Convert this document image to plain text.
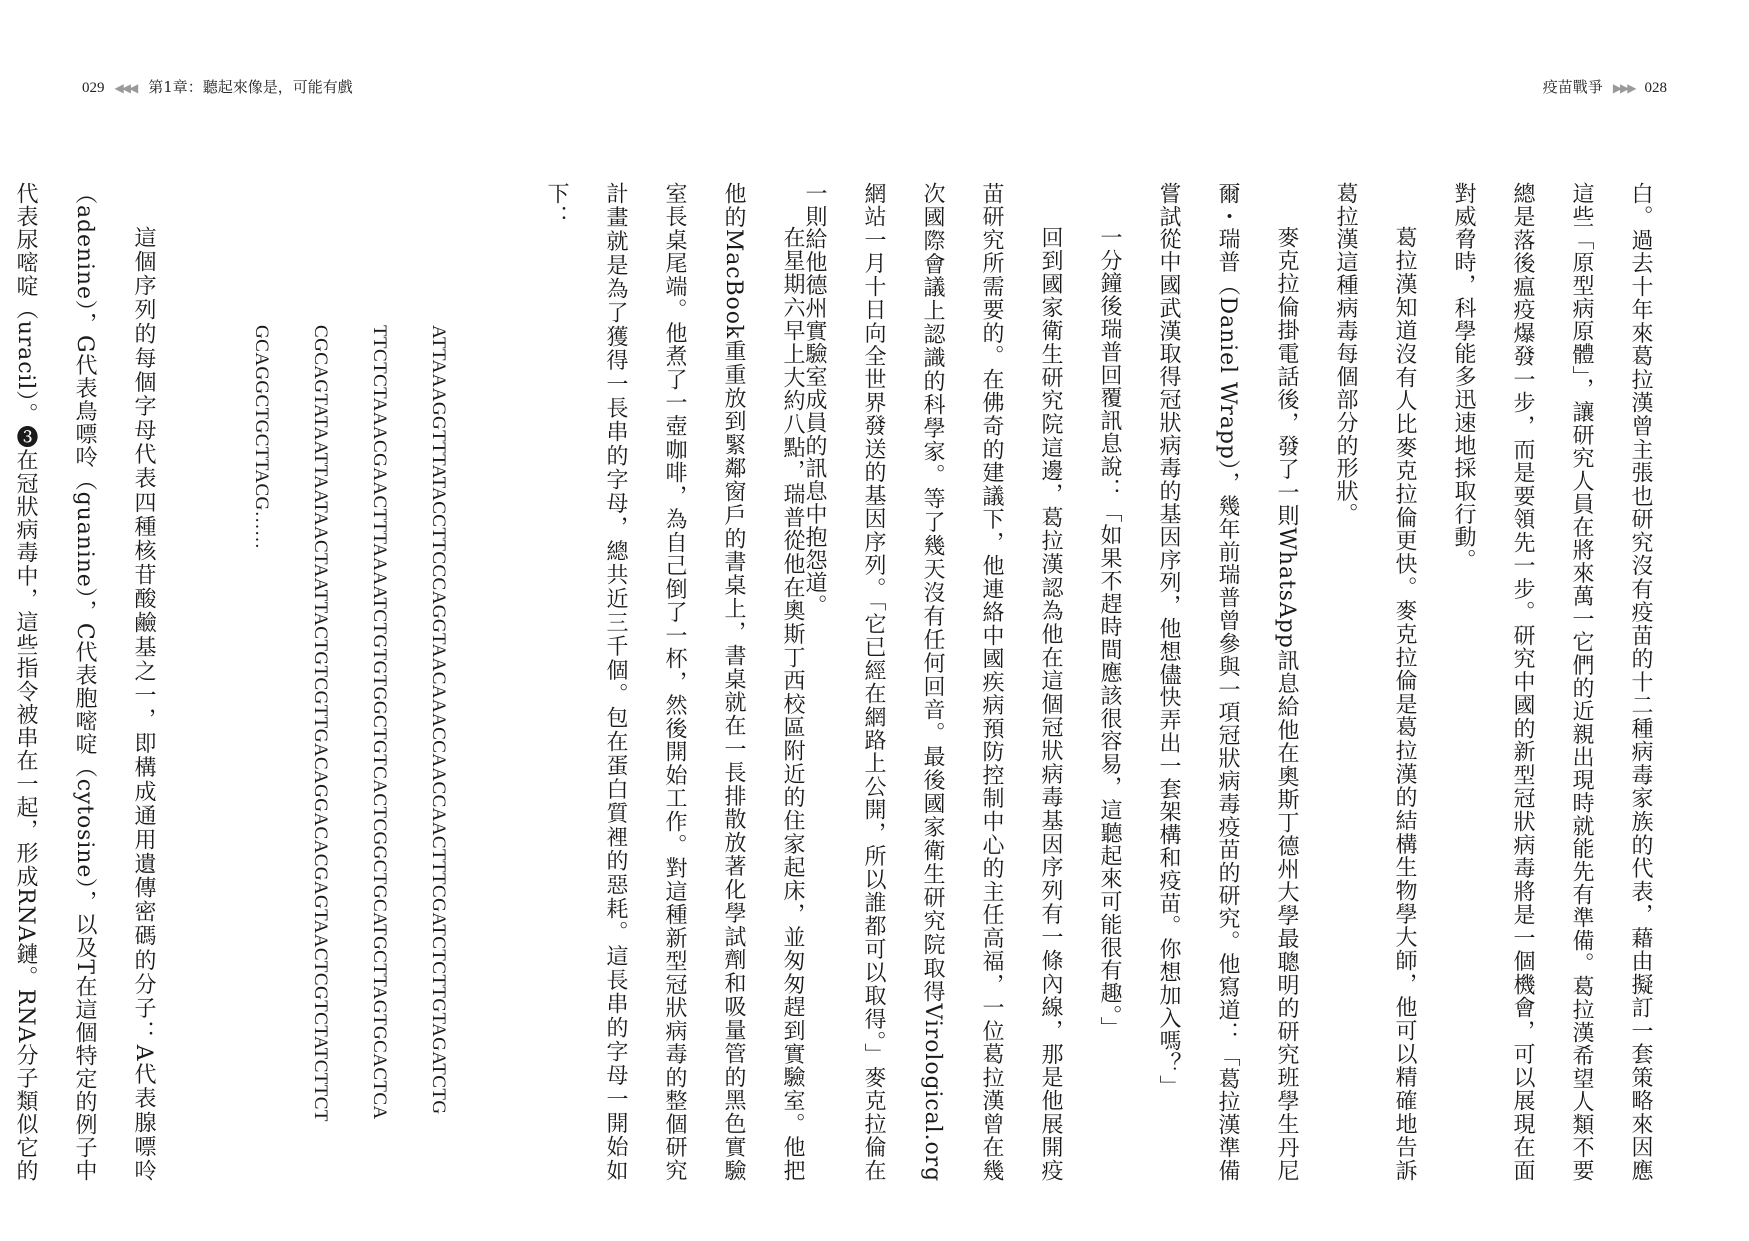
029 ◀◀◀ 第1章：聽起來像是，可能有戲	疫苗戰爭 ▶▶▶ 028

白。過去十年來葛拉漢曾主張也研究沒有疫苗的十二種病毒家族的代表，藉由擬訂一套策略來因應這些「原型病原體」，讓研究人員在將來萬一它們的近親出現時就能先有準備。葛拉漢希望人類不要總是落後瘟疫爆發一步，而是要領先一步。研究中國的新型冠狀病毒將是一個機會，可以展現在面對威脅時，科學能多迅速地採取行動。

葛拉漢知道沒有人比麥克拉倫更快。麥克拉倫是葛拉漢的結構生物學大師，他可以精確地告訴葛拉漢這種病毒每個部分的形狀。

麥克拉倫掛電話後，發了一則WhatsApp訊息給他在奧斯丁德州大學最聰明的研究班學生丹尼爾・瑞普（Daniel Wrapp），幾年前瑞普曾參與一項冠狀病毒疫苗的研究。他寫道：「葛拉漢準備嘗試從中國武漢取得冠狀病毒的基因序列，他想儘快弄出一套架構和疫苗。你想加入嗎？」

一分鐘後瑞普回覆訊息說：「如果不趕時間應該很容易，這聽起來可能很有趣。」

回到國家衛生研究院這邊，葛拉漢認為他在這個冠狀病毒基因序列有一條內線，那是他展開疫苗研究所需要的。在佛奇的建議下，他連絡中國疾病預防控制中心的主任高福，一位葛拉漢曾在幾次國際會議上認識的科學家。等了幾天沒有任何回音。最後國家衛生研究院取得Virological.org網站一月十日向全世界發送的基因序列。「它已經在網路上公開，所以誰都可以取得。」麥克拉倫在一則給他德州實驗室成員的訊息中抱怨道。

在星期六早上大約八點，瑞普從他在奧斯丁西校區附近的住家起床，並匆匆趕到實驗室。他把他的MacBook重重放到緊鄰窗戶的書桌上，書桌就在一長排散放著化學試劑和吸量管的黑色實驗室長桌尾端。他煮了一壺咖啡，為自己倒了一杯，然後開始工作。對這種新型冠狀病毒的整個研究計畫就是為了獲得一長串的字母，總共近三千個。包在蛋白質裡的惡耗。這長串的字母一開始如下：

ATTAAAGGTTTATACCTTCCCAGGTAACAAACCAACCAACTTTCGATCTCTTGTAGATCTG

TTCTCTAAACGAACTTTAAAATCTGTGTGGCTGTCACTCGGCTGCATGCTTAGTGCACTCA

CGCAGTATAATTAATAACTAATTACTGTCGTTGACAGGACACGAGTAACTCGTCTATCTTCT

GCAGGCTGCTTACG……

這個序列的每個字母代表四種核苷酸鹼基之一，即構成通用遺傳密碼的分子：A代表腺嘌呤（adenine），G代表鳥嘌呤（guanine），C代表胞嘧啶（cytosine），以及T在這個特定的例子中代表尿嘧啶（uracil）。❸在冠狀病毒中，這些指令被串在一起，形成RNA鏈。RNA分子類似它的
